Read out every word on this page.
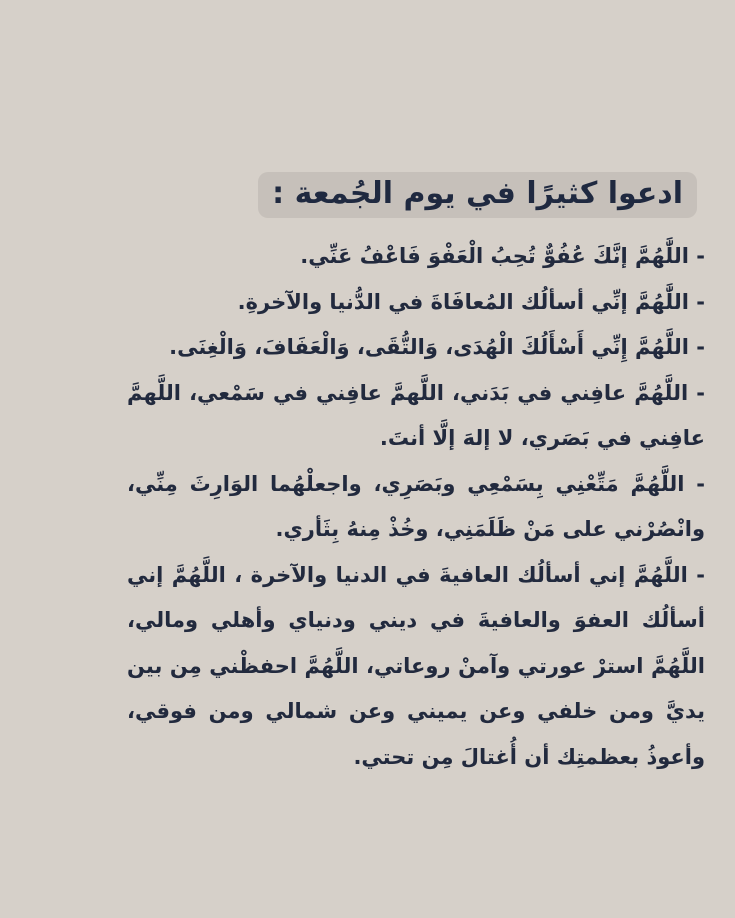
ادعوا كثيرًا في يوم الجُمعة :

- اللَّٰهُمَّ إنَّكَ عُفُوٌّ تُحِبُ الْعَفْوَ فَاعْفُ عَنِّي.

- اللَّٰهُمَّ إنِّي أسألُك المُعافَاةَ في الدُّنيا والآخرةِ.

- اللَّهُمَّ إِنِّي أَسْأَلُكَ الْهُدَى، وَالتُّقَى، وَالْعَفَافَ، وَالْغِنَى.

- اللَّهُمَّ عافِني في بَدَني، اللَّهمَّ عافِني في سَمْعي، اللَّهمَّ عافِني في بَصَري، لا إلهَ إلَّا أنتَ.

- اللَّهُمَّ مَتِّعْنِي بِسَمْعِي وبَصَرِي، واجعلْهُما الوَارِثَ مِنِّي، وانْصُرْني على مَنْ ظَلَمَنِي، وخُذْ مِنهُ بِثَأري.

- اللَّهُمَّ إني أسألُك العافيةَ في الدنيا والآخرة ، اللَّهُمَّ إني أسألُك العفوَ والعافيةَ في ديني ودنياي وأهلي ومالي، اللَّهُمَّ استرْ عورتي وآمنْ روعاتي، اللَّهُمَّ احفظْني مِن بين يديَّ ومن خلفي وعن يميني وعن شمالي ومن فوقي، وأعوذُ بعظمتِك أن أُغتالَ مِن تحتي.
